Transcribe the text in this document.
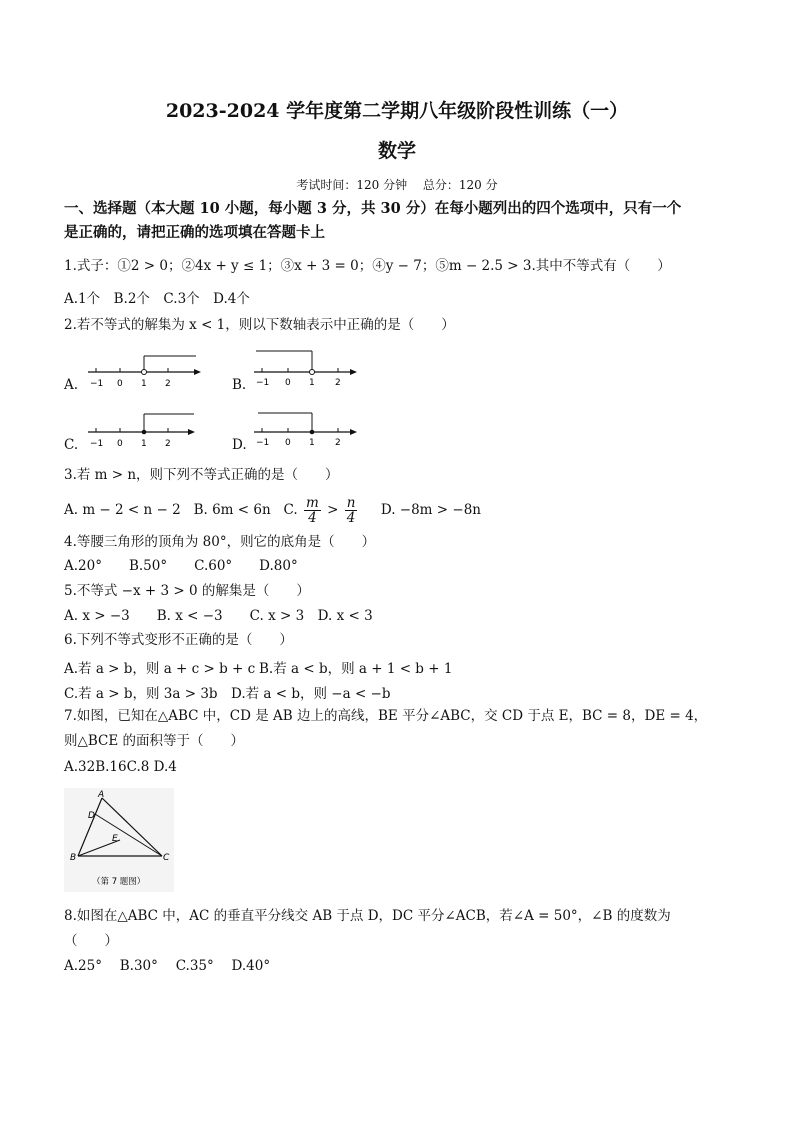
2023-2024 学年度第二学期八年级阶段性训练（一）
数学
考试时间：120 分钟　 总分：120 分
一、选择题（本大题 10 小题，每小题 3 分，共 30 分）在每小题列出的四个选项中，只有一个
是正确的，请把正确的选项填在答题卡上
1.式子：①2 > 0；②4x + y ≤ 1；③x + 3 = 0；④y − 7；⑤m − 2.5 > 3.其中不等式有（　　）
A.1个　B.2个　C.3个　D.4个
2.若不等式的解集为 x < 1，则以下数轴表示中正确的是（　　）
A.	B.
C.	D.
−1 0 1 2	−1 0 1 2
−1 0 1 2	−1 0 1 2
3.若 m > n，则下列不等式正确的是（　　）
A. m − 2 < n − 2 B. 6m < 6n C. $\frac{m}{4} > \frac{n}{4} D$. −8m > −8n
4.等腰三角形的顶角为 80°，则它的底角是（　　）
A.20°　　B.50°　　C.60°　　D.80°
5.不等式 −x + 3 > 0 的解集是（　　）
A. x > −3　　B. x < −3　　C. x > 3　D. x < 3
6.下列不等式变形不正确的是（　　）
A.若 a > b，则 a + c > b + c B.若 a < b，则 a + 1 < b + 1
C.若 a > b，则 3a > 3b D.若 a < b，则 −a < −b
7.如图，已知在△ABC 中，CD 是 AB 边上的高线，BE 平分∠ABC，交 CD 于点 E，BC = 8，DE = 4，
则△BCE 的面积等于（　　）
A.32B.16C.8 D.4
A
D
E
B	C
（第 7 题图）
8.如图在△ABC 中，AC 的垂直平分线交 AB 于点 D，DC 平分∠ACB，若∠A = 50°，∠B 的度数为
（　　）
A.25°　 B.30°　 C.35°　 D.40°
